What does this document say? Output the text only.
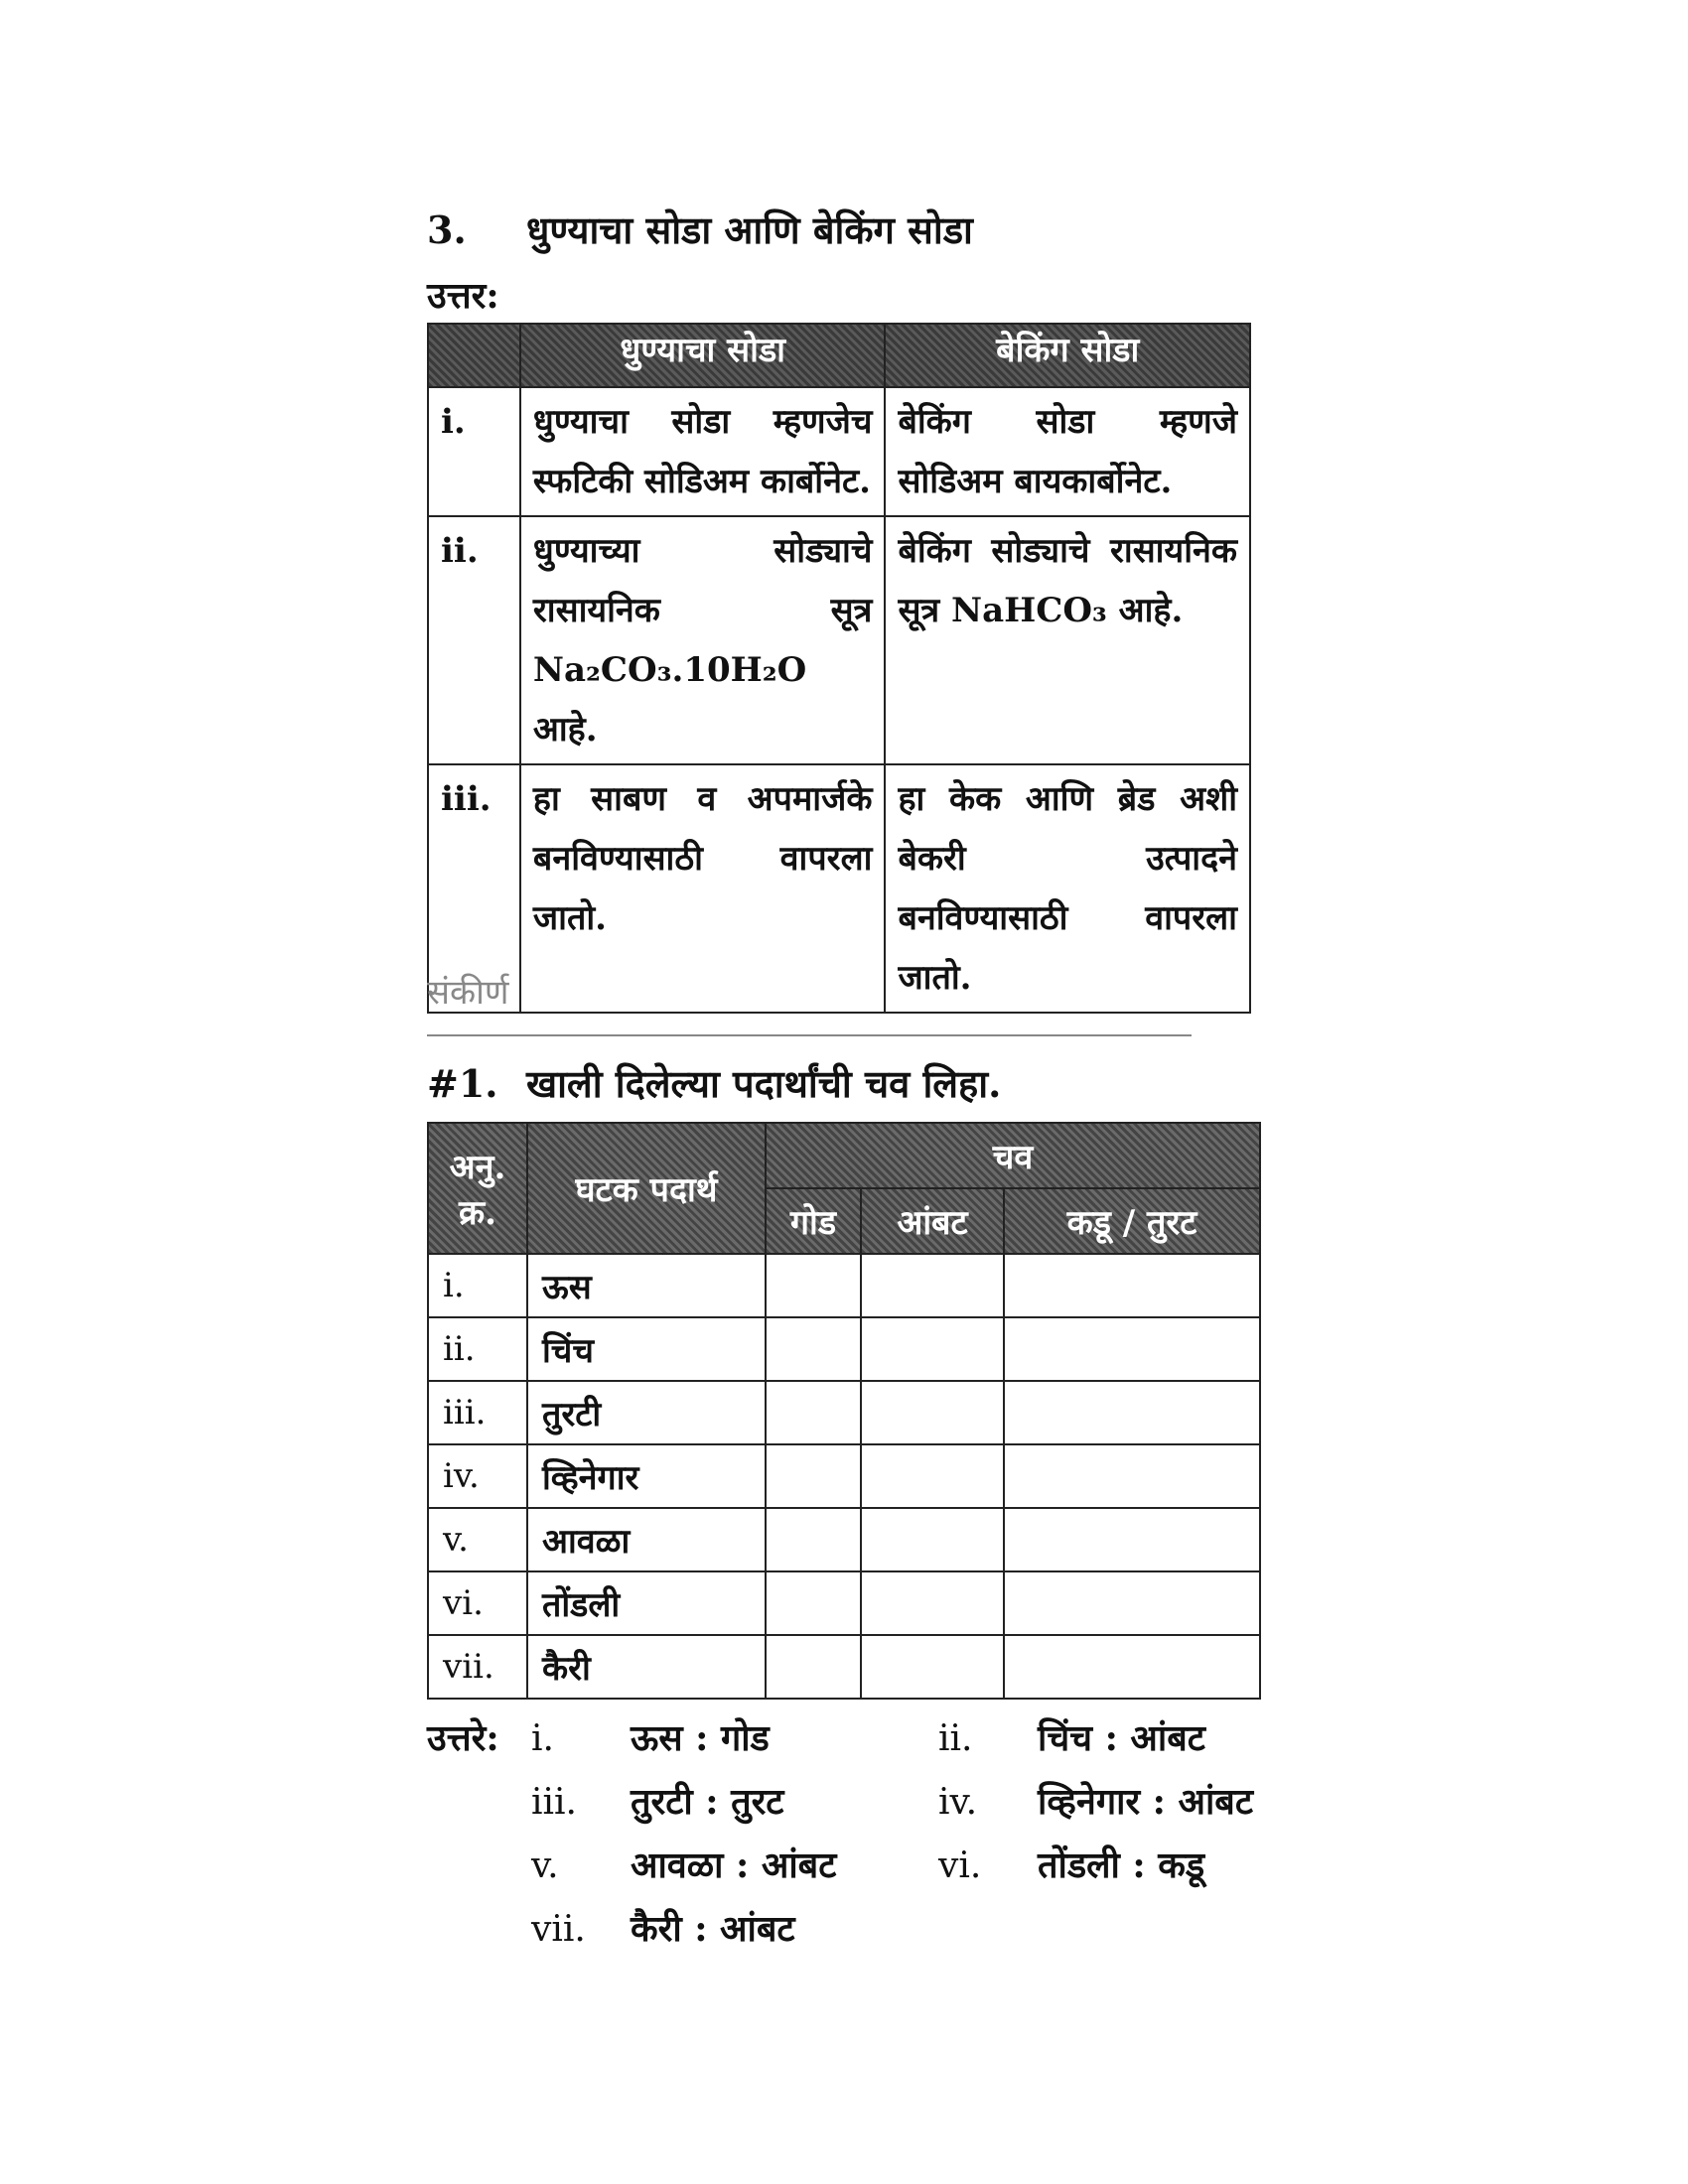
3. धुण्याचा सोडा आणि बेकिंग सोडा
उत्तर:
	धुण्याचा सोडा	बेकिंग सोडा
i.	धुण्याचा सोडा म्हणजेच स्फटिकी सोडिअम कार्बोनेट.	बेकिंग सोडा म्हणजे सोडिअम बायकार्बोनेट.
ii.	धुण्याच्या सोड्याचे रासायनिक सूत्र Na₂CO₃.10H₂O आहे.	बेकिंग सोड्याचे रासायनिक सूत्र NaHCO₃ आहे.
iii.	हा साबण व अपमार्जके बनविण्यासाठी वापरला जातो.	हा केक आणि ब्रेड अशी बेकरी उत्पादने बनविण्यासाठी वापरला जातो.
संकीर्ण
#1. खाली दिलेल्या पदार्थांची चव लिहा.
अनु. क्र.	घटक पदार्थ	चव		
		गोड	आंबट	कडू / तुरट
i.	ऊस			
ii.	चिंच			
iii.	तुरटी			
iv.	व्हिनेगार			
v.	आवळा			
vi.	तोंडली			
vii.	कैरी			
उत्तरे: i. ऊस : गोड	ii. चिंच : आंबट
iii. तुरटी : तुरट	iv. व्हिनेगार : आंबट
v. आवळा : आंबट	vi. तोंडली : कडू
vii. कैरी : आंबट
